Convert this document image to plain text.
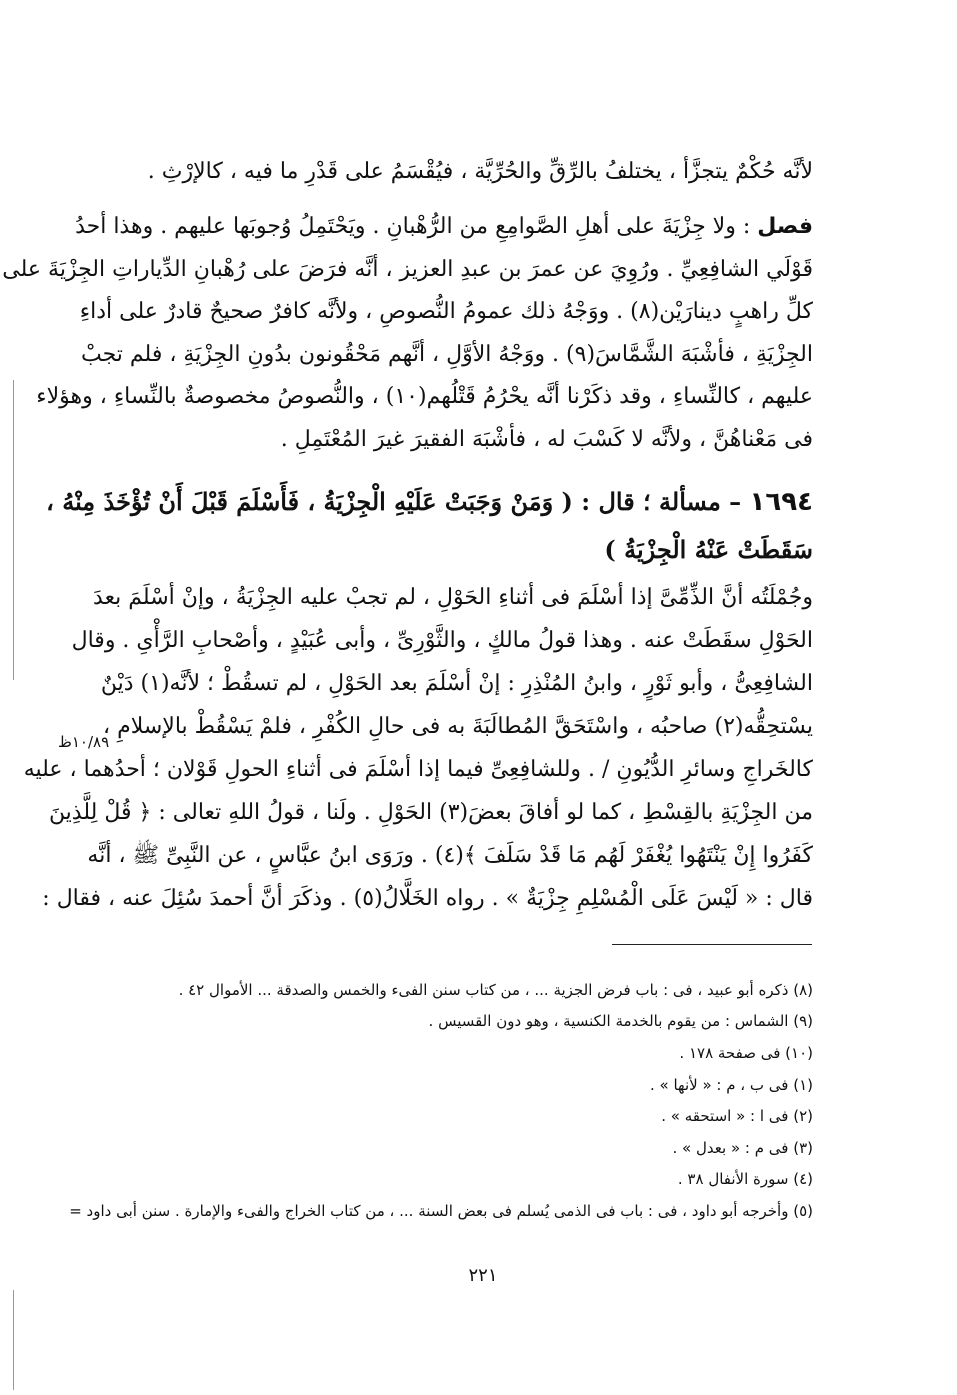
لأنَّه حُكْمٌ يتجزَّأ ، يختلفُ بالرِّقِّ والحُرِّيَّة ، فيُقْسَمُ على قَدْرِ ما فيه ، كالإرْثِ .
فصل

: ولا جِزْيَةَ على أهلِ الصَّوامِعِ من الرُّهْبانِ . ويَحْتَمِلُ وُجوبَها عليهم . وهذا أحدُ
قَوْلَي الشافِعِيِّ . ورُوِيَ عن عمرَ بن عبدِ العزيز ، أنَّه فرَضَ على رُهْبانِ الدِّياراتِ الجِزْيَةَ على
كلِّ راهبٍ دينارَيْن(٨) . ووَجْهُ ذلك عمومُ النُّصوصِ ، ولأنَّه كافرٌ صحيحٌ قادرٌ على أداءِ
الجِزْيَةِ ، فأشْبَهَ الشَّمَّاسَ(٩) . ووَجْهُ الأوَّلِ ، أنَّهم مَحْقُونون بدُونِ الجِزْيَةِ ، فلم تجبْ
عليهم ، كالنِّساءِ ، وقد ذكَرْنا أنَّه يحْرُمُ قَتْلُهم(١٠) ، والنُّصوصُ مخصوصةٌ بالنِّساءِ ، وهؤلاء
فى مَعْناهُنَّ ، ولأنَّه لا كَسْبَ له ، فأشْبَهَ الفقيرَ غيرَ المُعْتَمِلِ .
١٦٩٤

– مسألة ؛ قال : ( وَمَنْ وَجَبَتْ عَلَيْهِ الْجِزْيَةُ ، فَأَسْلَمَ قَبْلَ أَنْ تُؤْخَذَ مِنْهُ ،
سَقَطَتْ عَنْهُ الْجِزْيَةُ )
وجُمْلَتُه أنَّ الذِّمِّىَّ إذا أسْلَمَ فى أثناءِ الحَوْلِ ، لم تجبْ عليه الجِزْيَةُ ، وإنْ أسْلَمَ بعدَ
الحَوْلِ سقَطَتْ عنه . وهذا قولُ مالكٍ ، والثَّوْرِىِّ ، وأبى عُبَيْدٍ ، وأصْحابِ الرَّأْىِ . وقال
الشافِعِىُّ ، وأبو ثَوْرٍ ، وابنُ المُنْذِرِ : إنْ أسْلَمَ بعد الحَوْلِ ، لم تسقُطْ ؛ لأنَّه(١) دَيْنٌ
يسْتحِقُّه(٢) صاحبُه ، واسْتَحَقَّ المُطالَبَةَ به فى حالِ الكُفْرِ ، فلمْ يَسْقُطْ بالإسلامِ ،
كالخَراجِ وسائرِ الدُّيُونِ / . وللشافِعِىِّ فيما إذا أسْلَمَ فى أثناءِ الحولِ قَوْلان ؛ أحدُهما ، عليه
من الجِزْيَةِ بالقِسْطِ ، كما لو أفاقَ بعضَ(٣) الحَوْلِ . ولَنا ، قولُ اللهِ تعالى : ﴿ قُلْ لِلَّذِينَ
كَفَرُوا إِنْ يَنْتَهُوا يُغْفَرْ لَهُم مَا قَدْ سَلَفَ ﴾(٤) . ورَوَى ابنُ عبَّاسٍ ، عن النَّبِىِّ ﷺ ، أنَّه
قال : « لَيْسَ عَلَى الْمُسْلِمِ جِزْيَةٌ » . رواه الخَلَّالُ(٥) . وذكَرَ أنَّ أحمدَ سُئِلَ عنه ، فقال :
١٠/٨٩ظ
(٨) ذكره أبو عبيد ، فى : باب فرض الجزية ... ، من كتاب سنن الفىء والخمس والصدقة ... الأموال ٤٢ .
(٩) الشماس : من يقوم بالخدمة الكنسية ، وهو دون القسيس .
(١٠) فى صفحة ١٧٨ .
(١) فى ب ، م : « لأنها » .
(٢) فى ا : « استحقه » .
(٣) فى م : « بعدل » .
(٤) سورة الأنفال ٣٨ .
(٥) وأخرجه أبو داود ، فى : باب فى الذمى يُسلم فى بعض السنة ... ، من كتاب الخراج والفىء والإمارة . سنن أبى داود =
٢٢١
